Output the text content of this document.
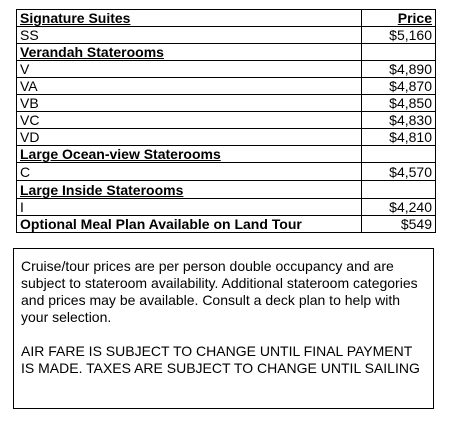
Signature Suites	Price
SS	$5,160
Verandah Staterooms	
V	$4,890
VA	$4,870
VB	$4,850
VC	$4,830
VD	$4,810
Large Ocean-view Staterooms	
C	$4,570
Large Inside Staterooms	
I	$4,240
Optional Meal Plan Available on Land Tour	$549

Cruise/tour prices are per person double occupancy and are subject to stateroom availability. Additional stateroom categories and prices may be available. Consult a deck plan to help with your selection.

AIR FARE IS SUBJECT TO CHANGE UNTIL FINAL PAYMENT IS MADE. TAXES ARE SUBJECT TO CHANGE UNTIL SAILING
